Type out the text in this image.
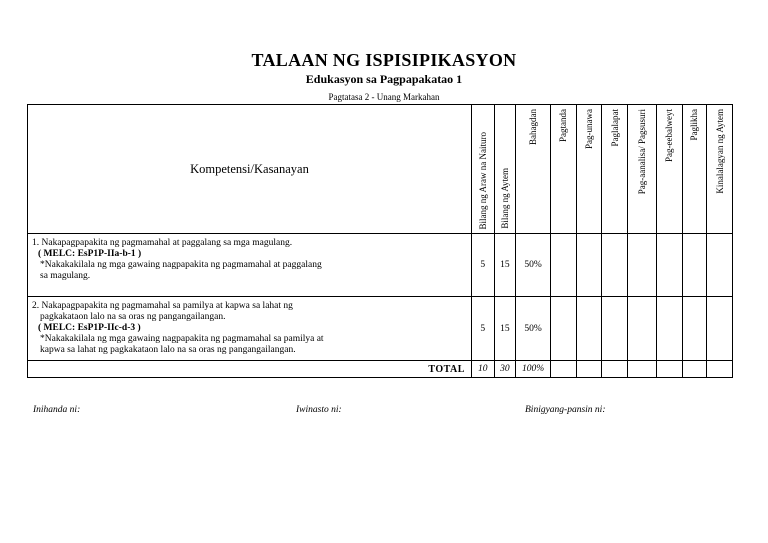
TALAAN NG ISPISIPIKASYON
Edukasyon sa Pagpapakatao 1
Pagtatasa 2 - Unang Markahan
Kompetensi/Kasanayan	Bilang ng Araw na Naituro	Bilang ng Aytem	Bahagdan	Pagtanda	Pag-unawa	Paglalapat	Pag-aanalisa/ Pagsusuri	Pag-eebalweyt	Paglikha	Kinalalagyan ng Aytem

1. Nakapagpapakita ng pagmamahal at paggalang sa mga magulang.
( MELC: EsP1P-IIa-b-1 )
*Nakakakilala ng mga gawaing nagpapakita ng pagmamahal at paggalang
sa magulang.	5	15	50%							

2. Nakapagpapakita ng pagmamahal sa pamilya at kapwa sa lahat ng
pagkakataon lalo na sa oras ng pangangailangan.
( MELC: EsP1P-IIc-d-3 )
*Nakakakilala ng mga gawaing nagpapakita ng pagmamahal sa pamilya at
kapwa sa lahat ng pagkakataon lalo na sa oras ng pangangailangan.	5	15	50%							
TOTAL	10	30	100%							
Inihanda ni:	Iwinasto ni:	Binigyang-pansin ni:
